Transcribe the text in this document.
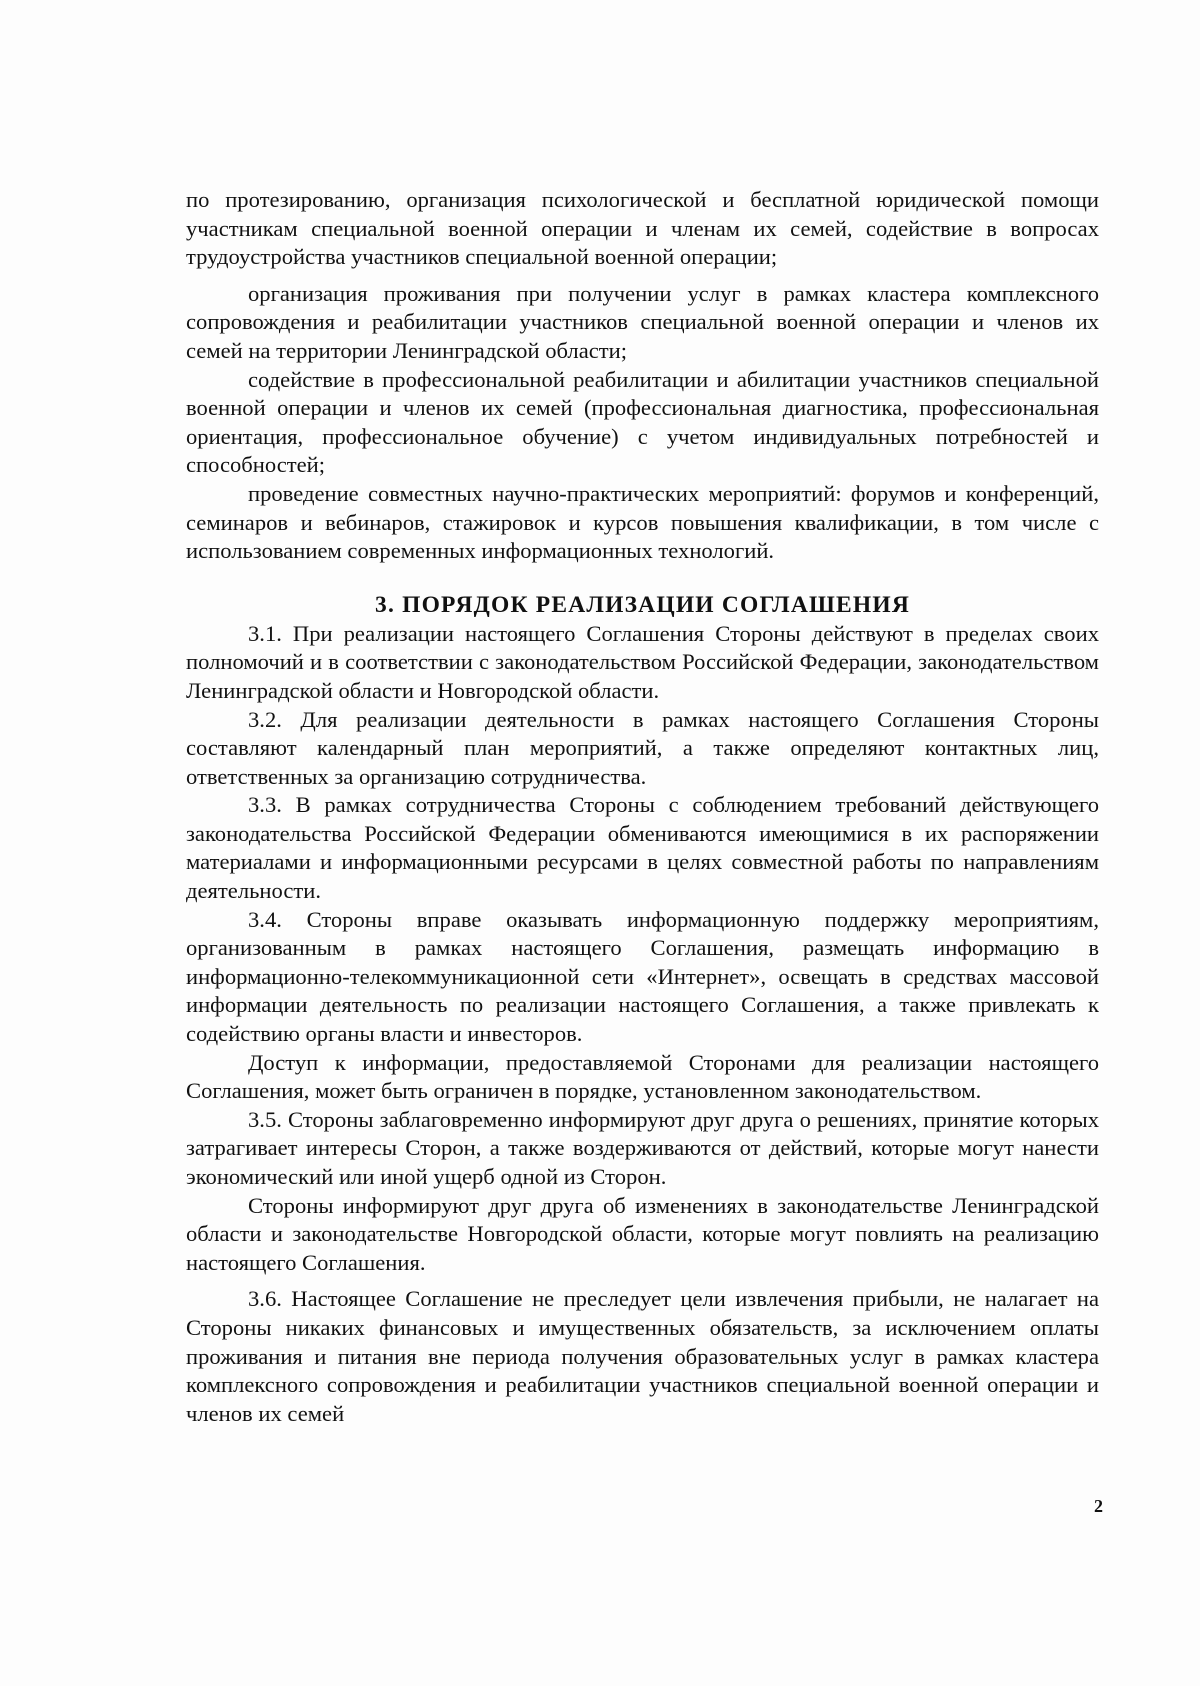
по протезированию, организация психологической и бесплатной юридической помощи участникам специальной военной операции и членам их семей, содействие в вопросах трудоустройства участников специальной военной операции;

организация проживания при получении услуг в рамках кластера комплексного сопровождения и реабилитации участников специальной военной операции и членов их семей на территории Ленинградской области;

содействие в профессиональной реабилитации и абилитации участников специальной военной операции и членов их семей (профессиональная диагностика, профессиональная ориентация, профессиональное обучение) с учетом индивидуальных потребностей и способностей;

проведение совместных научно-практических мероприятий: форумов и конференций, семинаров и вебинаров, стажировок и курсов повышения квалификации, в том числе с использованием современных информационных технологий.

3. ПОРЯДОК РЕАЛИЗАЦИИ СОГЛАШЕНИЯ

3.1. При реализации настоящего Соглашения Стороны действуют в пределах своих полномочий и в соответствии с законодательством Российской Федерации, законодательством Ленинградской области и Новгородской области.

3.2. Для реализации деятельности в рамках настоящего Соглашения Стороны составляют календарный план мероприятий, а также определяют контактных лиц, ответственных за организацию сотрудничества.

3.3. В рамках сотрудничества Стороны с соблюдением требований действующего законодательства Российской Федерации обмениваются имеющимися в их распоряжении материалами и информационными ресурсами в целях совместной работы по направлениям деятельности.

3.4. Стороны вправе оказывать информационную поддержку мероприятиям, организованным в рамках настоящего Соглашения, размещать информацию в информационно-телекоммуникационной сети «Интернет», освещать в средствах массовой информации деятельность по реализации настоящего Соглашения, а также привлекать к содействию органы власти и инвесторов.

Доступ к информации, предоставляемой Сторонами для реализации настоящего Соглашения, может быть ограничен в порядке, установленном законодательством.

3.5. Стороны заблаговременно информируют друг друга о решениях, принятие которых затрагивает интересы Сторон, а также воздерживаются от действий, которые могут нанести экономический или иной ущерб одной из Сторон.

Стороны информируют друг друга об изменениях в законодательстве Ленинградской области и законодательстве Новгородской области, которые могут повлиять на реализацию настоящего Соглашения.

3.6. Настоящее Соглашение не преследует цели извлечения прибыли, не налагает на Стороны никаких финансовых и имущественных обязательств, за исключением оплаты проживания и питания вне периода получения образовательных услуг в рамках кластера комплексного сопровождения и реабилитации участников специальной военной операции и членов их семей

2
